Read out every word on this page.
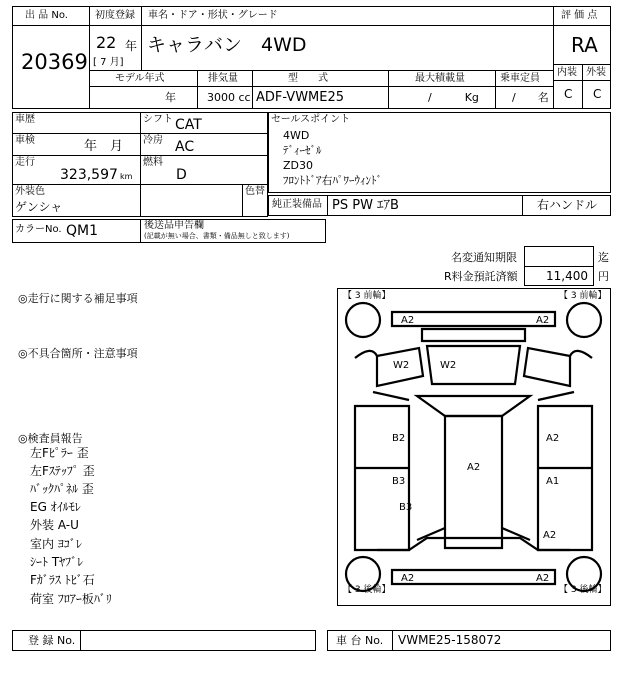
出 品 No.
20369
初度登録 車名・ドア・形状・グレード
22 年
[ 7 月]
キャラバン　4WD
モデル年式	排気量	型　　式	最大積載量	乗車定員
年	3000 cc ADF-VWME25	/　　　Kg	/　　名
評 価 点
RA
内装 外装
C C
車歴	シフト CAT
車検	年　月 冷房 AC
走行
323,597 km
燃料
D
外装色
ゲンシャ
色替
カラーNo. QM1	後送品申告欄
(記載が無い場合、書類・備品無しと致します)
セールスポイント
4WD
ﾃﾞｨｰｾﾞﾙ
ZD30
ﾌﾛﾝﾄﾄﾞｱ右ﾊﾟﾜｰｳｨﾝﾄﾞ
純正装備品 PS PW ｴｱB	右ハンドル
名変通知期限	迄
R料金預託済額 11,400 円
◎走行に関する補足事項
◎不具合箇所・注意事項
◎検査員報告
左Fﾋﾟﾗｰ 歪
左Fｽﾃｯﾌﾟ 歪
ﾊﾞｯｸﾊﾟﾈﾙ 歪
EG ｵｲﾙﾓﾚ
外装 A-U
室内 ﾖｺﾞﾚ
ｼｰﾄ Tﾔﾌﾞﾚ
Fｶﾞﾗｽ ﾄﾋﾞ石
荷室 ﾌﾛｱｰ板ﾊﾞﾘ
【 3 前輪】	【 3 前輪】
【 3 後輪】	【 3 後輪】
A2	A2
W2	W2
B2	A2
A2
B3	A1
B3
A2
A2	A2
登 録 No.	車 台 No. VWME25-158072
